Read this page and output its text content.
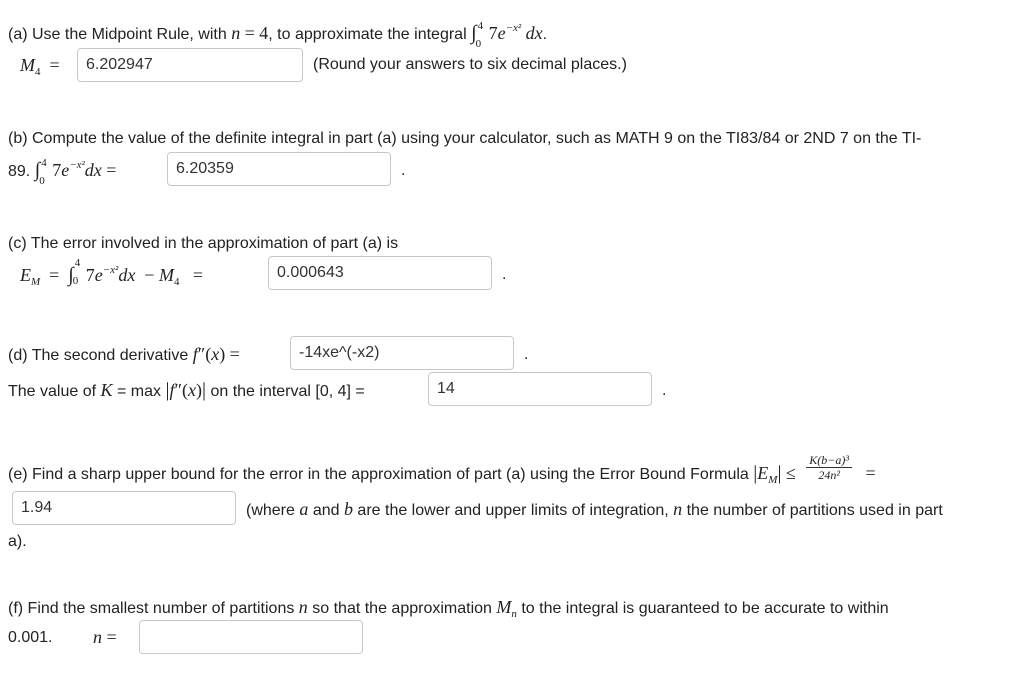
(a) Use the Midpoint Rule, with n = 4, to approximate the integral ∫ 4
0
$7e^{-x^2}$ dx.
$M_4$  =
6.202947	(Round your answers to six decimal places.)
(b) Compute the value of the definite integral in part (a) using your calculator, such as MATH 9 on the TI83/84 or 2ND 7 on the TI-
89. ∫ 4
0
$7e^{-x^2}dx$ =
6.20359	.
(c) The error involved in the approximation of part (a) is
$E_M$  =  ∫
4
0 $7e^{-x^2}dx - M_4$   =
0.000643	.
(d) The second derivative f″(x) =
-14xe^(-x2)	.
The value of K = max |f″(x)| on the interval [0, 4] =
14	.
(e) Find a sharp upper bound for the error in the approximation of part (a) using the Error Bound Formula $|E_M| \le \frac{\text{K(b−a)³}}{\text{24n²}}$ =
1.94
(where a and b are the lower and upper limits of integration, n the number of partitions used in part
a).
(f) Find the smallest number of partitions n so that the approximation $M_n$ to the integral is guaranteed to be accurate to within
0.001. n =
